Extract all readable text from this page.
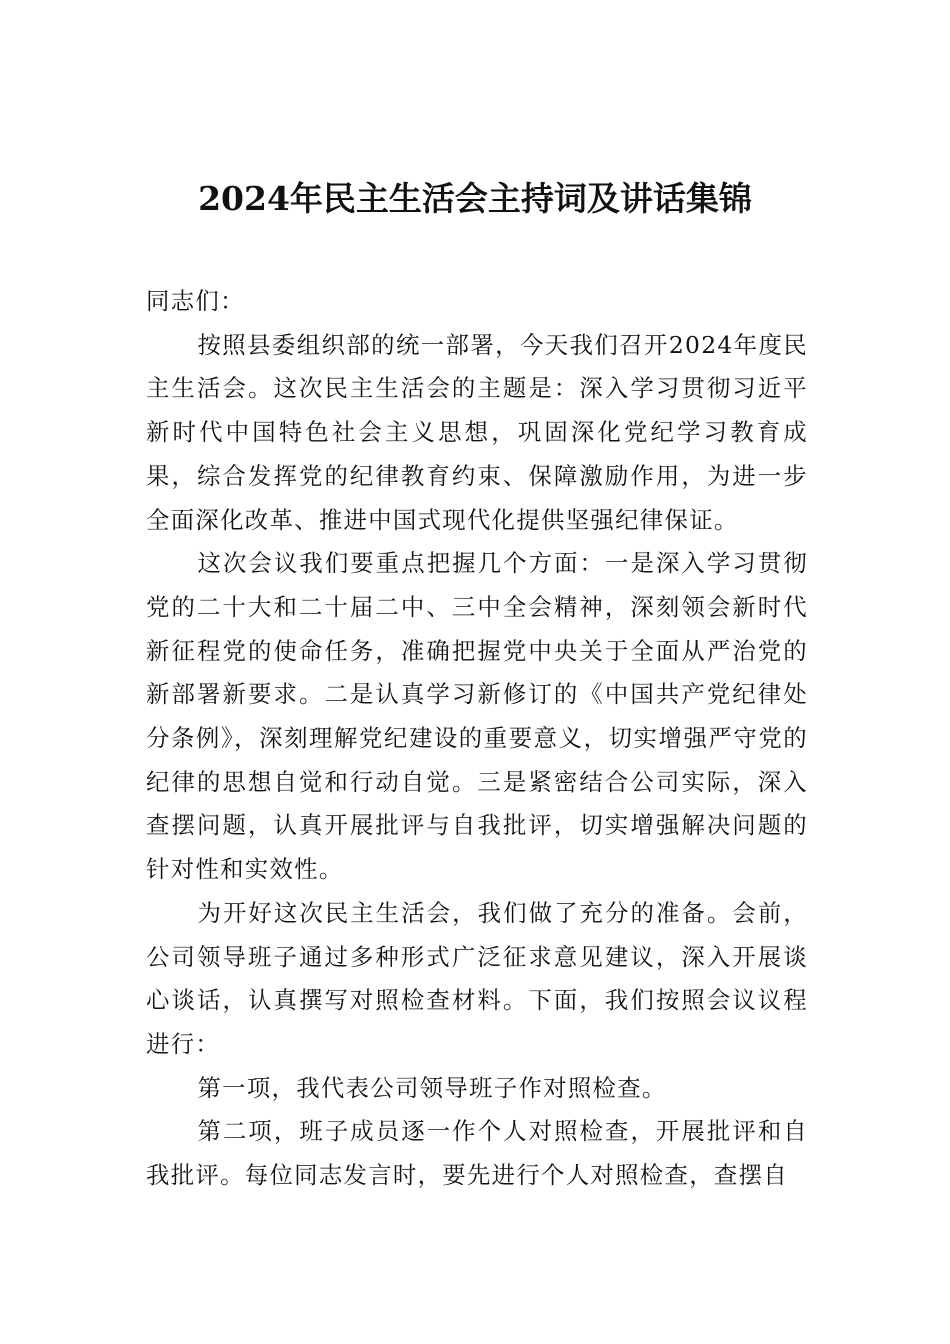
2024年民主生活会主持词及讲话集锦

同志们：

按照县委组织部的统一部署，今天我们召开2024年度民主生活会。这次民主生活会的主题是：深入学习贯彻习近平新时代中国特色社会主义思想，巩固深化党纪学习教育成果，综合发挥党的纪律教育约束、保障激励作用，为进一步全面深化改革、推进中国式现代化提供坚强纪律保证。

这次会议我们要重点把握几个方面：一是深入学习贯彻党的二十大和二十届二中、三中全会精神，深刻领会新时代新征程党的使命任务，准确把握党中央关于全面从严治党的新部署新要求。二是认真学习新修订的《中国共产党纪律处分条例》，深刻理解党纪建设的重要意义，切实增强严守党的纪律的思想自觉和行动自觉。三是紧密结合公司实际，深入查摆问题，认真开展批评与自我批评，切实增强解决问题的针对性和实效性。

为开好这次民主生活会，我们做了充分的准备。会前，公司领导班子通过多种形式广泛征求意见建议，深入开展谈心谈话，认真撰写对照检查材料。下面，我们按照会议议程进行：

第一项，我代表公司领导班子作对照检查。

第二项，班子成员逐一作个人对照检查，开展批评和自我批评。每位同志发言时，要先进行个人对照检查，查摆自
